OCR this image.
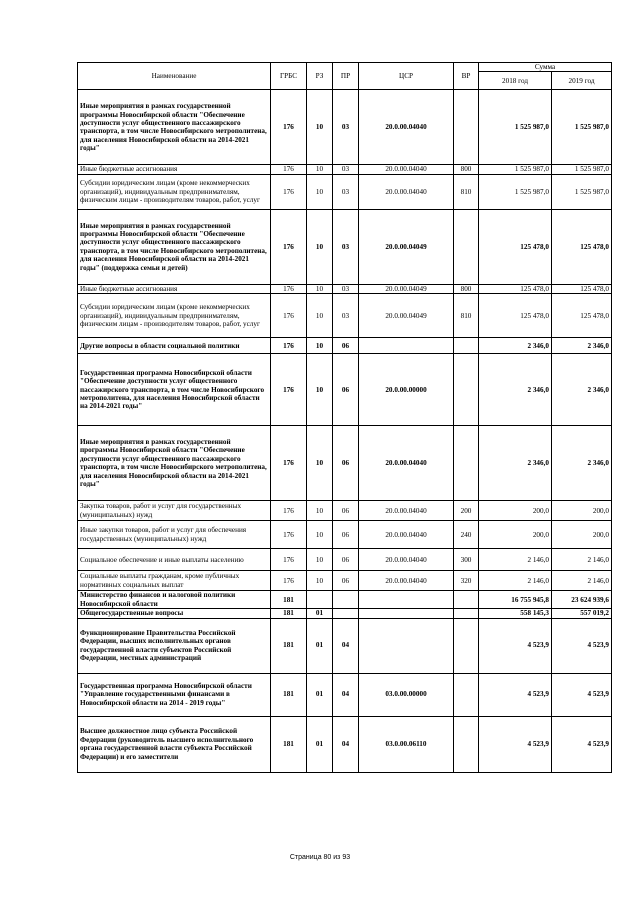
Наименование	ГРБС	РЗ	ПР	ЦСР	ВР	Сумма	
						2018 год	2019 год
Иные мероприятия в рамках государственной программы Новосибирской области "Обеспечение доступности услуг общественного пассажирского транспорта, в том числе Новосибирского метрополитена, для населения Новосибирской области на 2014-2021 годы"	176	10	03	20.0.00.04040		1 525 987,0	1 525 987,0
Иные бюджетные ассигнования	176	10	03	20.0.00.04040	800	1 525 987,0	1 525 987,0
Субсидии юридическим лицам (кроме некоммерческих организаций), индивидуальным предпринимателям, физическим лицам - производителям товаров, работ, услуг	176	10	03	20.0.00.04040	810	1 525 987,0	1 525 987,0
Иные мероприятия в рамках государственной программы Новосибирской области "Обеспечение доступности услуг общественного пассажирского транспорта, в том числе Новосибирского метрополитена, для населения Новосибирской области на 2014-2021 годы" (поддержка семьи и детей)	176	10	03	20.0.00.04049		125 478,0	125 478,0
Иные бюджетные ассигнования	176	10	03	20.0.00.04049	800	125 478,0	125 478,0
Субсидии юридическим лицам (кроме некоммерческих организаций), индивидуальным предпринимателям, физическим лицам - производителям товаров, работ, услуг	176	10	03	20.0.00.04049	810	125 478,0	125 478,0
Другие вопросы в области социальной политики	176	10	06			2 346,0	2 346,0
Государственная программа Новосибирской области "Обеспечение доступности услуг общественного пассажирского транспорта, в том числе Новосибирского метрополитена, для населения Новосибирской области на 2014-2021 годы"	176	10	06	20.0.00.00000		2 346,0	2 346,0
Иные мероприятия в рамках государственной программы Новосибирской области "Обеспечение доступности услуг общественного пассажирского транспорта, в том числе Новосибирского метрополитена, для населения Новосибирской области на 2014-2021 годы"	176	10	06	20.0.00.04040		2 346,0	2 346,0
Закупка товаров, работ и услуг для государственных (муниципальных) нужд	176	10	06	20.0.00.04040	200	200,0	200,0
Иные закупки товаров, работ и услуг для обеспечения государственных (муниципальных) нужд	176	10	06	20.0.00.04040	240	200,0	200,0
Социальное обеспечение и иные выплаты населению	176	10	06	20.0.00.04040	300	2 146,0	2 146,0
Социальные выплаты гражданам, кроме публичных нормативных социальных выплат	176	10	06	20.0.00.04040	320	2 146,0	2 146,0
Министерство финансов и налоговой политики Новосибирской области	181					16 755 945,8	23 624 939,6
Общегосударственные вопросы	181	01				558 145,3	557 019,2
Функционирование Правительства Российской Федерации, высших исполнительных органов государственной власти субъектов Российской Федерации, местных администраций	181	01	04			4 523,9	4 523,9
Государственная программа Новосибирской области "Управление государственными финансами в Новосибирской области на 2014 - 2019 годы"	181	01	04	03.0.00.00000		4 523,9	4 523,9
Высшее должностное лицо субъекта Российской Федерации (руководитель высшего исполнительного органа государственной власти субъекта Российской Федерации) и его заместители	181	01	04	03.0.00.06110		4 523,9	4 523,9
Страница 80 из 93
